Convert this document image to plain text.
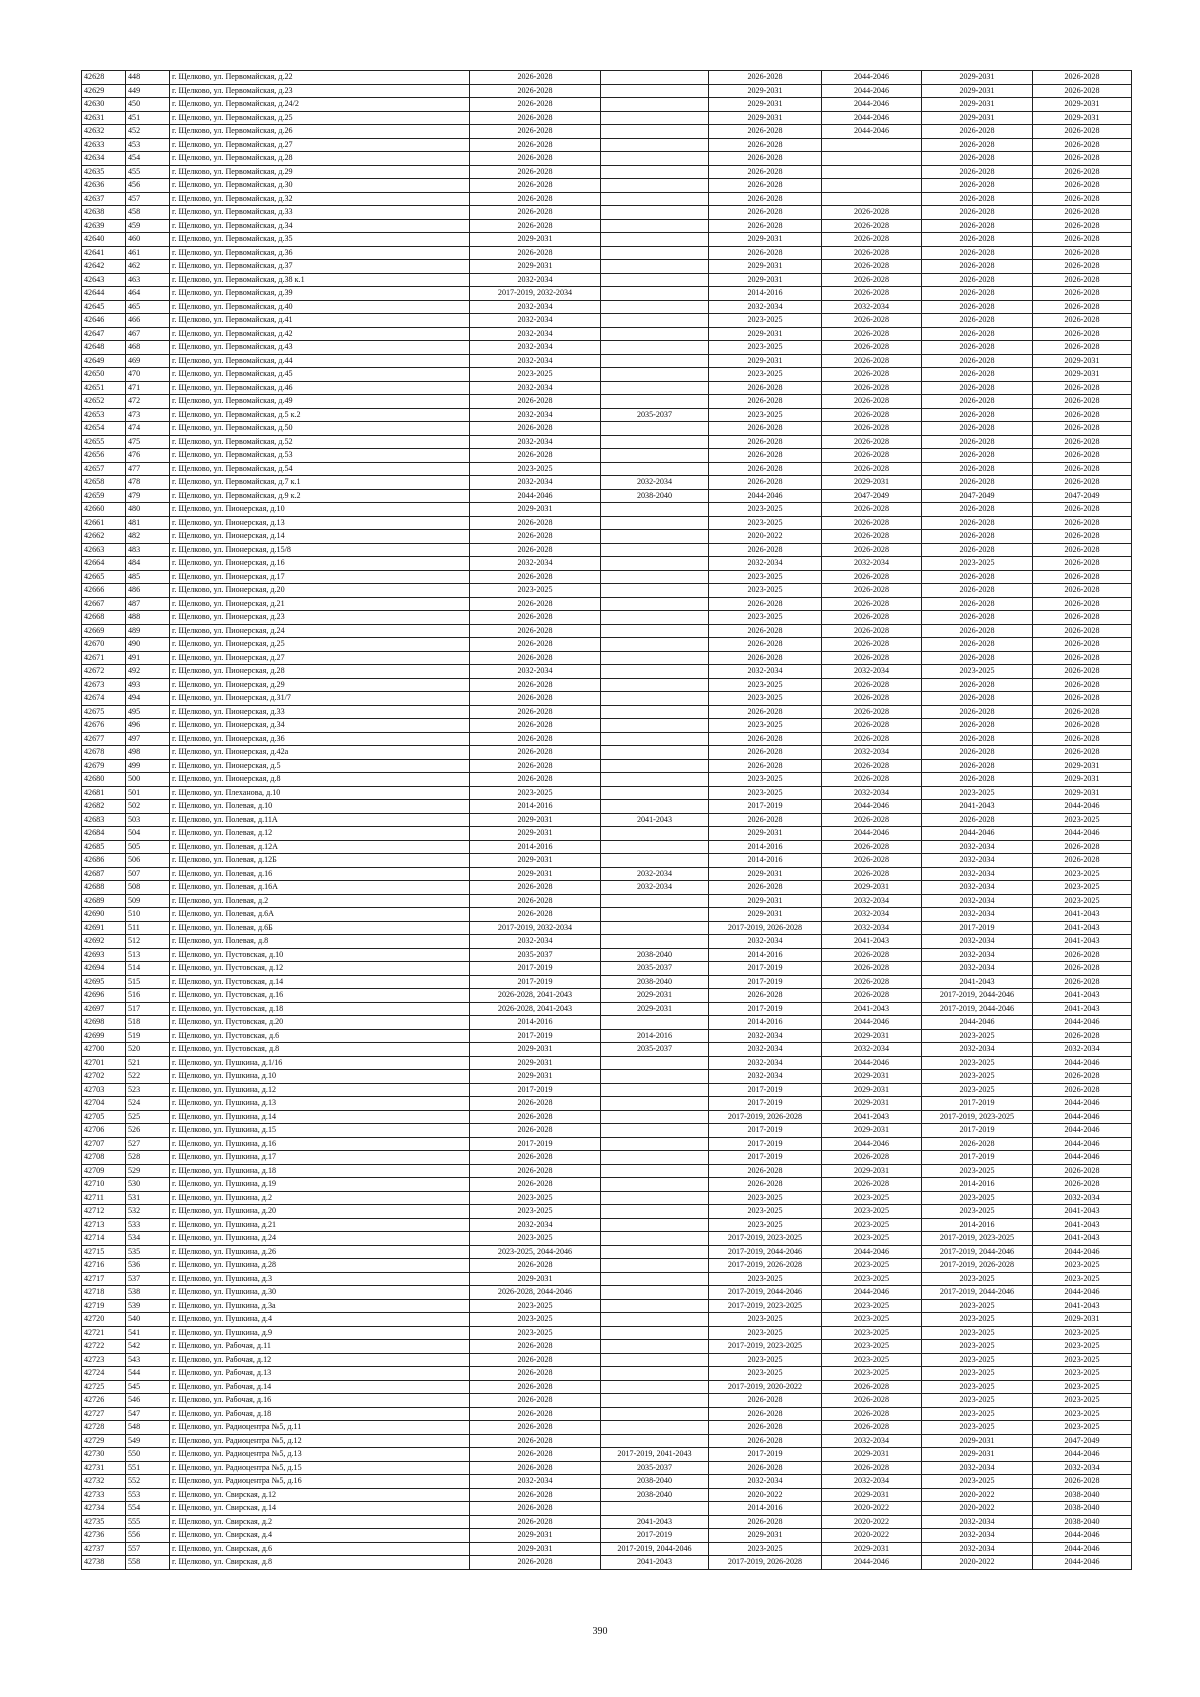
42628	448	г. Щелково, ул. Первомайская, д.22	2026-2028		2026-2028	2044-2046	2029-2031	2026-2028
42629	449	г. Щелково, ул. Первомайская, д.23	2026-2028		2029-2031	2044-2046	2029-2031	2026-2028
42630	450	г. Щелково, ул. Первомайская, д.24/2	2026-2028		2029-2031	2044-2046	2029-2031	2029-2031
42631	451	г. Щелково, ул. Первомайская, д.25	2026-2028		2029-2031	2044-2046	2029-2031	2029-2031
42632	452	г. Щелково, ул. Первомайская, д.26	2026-2028		2026-2028	2044-2046	2026-2028	2026-2028
42633	453	г. Щелково, ул. Первомайская, д.27	2026-2028		2026-2028		2026-2028	2026-2028
42634	454	г. Щелково, ул. Первомайская, д.28	2026-2028		2026-2028		2026-2028	2026-2028
42635	455	г. Щелково, ул. Первомайская, д.29	2026-2028		2026-2028		2026-2028	2026-2028
42636	456	г. Щелково, ул. Первомайская, д.30	2026-2028		2026-2028		2026-2028	2026-2028
42637	457	г. Щелково, ул. Первомайская, д.32	2026-2028		2026-2028		2026-2028	2026-2028
42638	458	г. Щелково, ул. Первомайская, д.33	2026-2028		2026-2028	2026-2028	2026-2028	2026-2028
42639	459	г. Щелково, ул. Первомайская, д.34	2026-2028		2026-2028	2026-2028	2026-2028	2026-2028
42640	460	г. Щелково, ул. Первомайская, д.35	2029-2031		2029-2031	2026-2028	2026-2028	2026-2028
42641	461	г. Щелково, ул. Первомайская, д.36	2026-2028		2026-2028	2026-2028	2026-2028	2026-2028
42642	462	г. Щелково, ул. Первомайская, д.37	2029-2031		2029-2031	2026-2028	2026-2028	2026-2028
42643	463	г. Щелково, ул. Первомайская, д.38 к.1	2032-2034		2029-2031	2026-2028	2026-2028	2026-2028
42644	464	г. Щелково, ул. Первомайская, д.39	2017-2019, 2032-2034		2014-2016	2026-2028	2026-2028	2026-2028
42645	465	г. Щелково, ул. Первомайская, д.40	2032-2034		2032-2034	2032-2034	2026-2028	2026-2028
42646	466	г. Щелково, ул. Первомайская, д.41	2032-2034		2023-2025	2026-2028	2026-2028	2026-2028
42647	467	г. Щелково, ул. Первомайская, д.42	2032-2034		2029-2031	2026-2028	2026-2028	2026-2028
42648	468	г. Щелково, ул. Первомайская, д.43	2032-2034		2023-2025	2026-2028	2026-2028	2026-2028
42649	469	г. Щелково, ул. Первомайская, д.44	2032-2034		2029-2031	2026-2028	2026-2028	2029-2031
42650	470	г. Щелково, ул. Первомайская, д.45	2023-2025		2023-2025	2026-2028	2026-2028	2029-2031
42651	471	г. Щелково, ул. Первомайская, д.46	2032-2034		2026-2028	2026-2028	2026-2028	2026-2028
42652	472	г. Щелково, ул. Первомайская, д.49	2026-2028		2026-2028	2026-2028	2026-2028	2026-2028
42653	473	г. Щелково, ул. Первомайская, д.5 к.2	2032-2034	2035-2037	2023-2025	2026-2028	2026-2028	2026-2028
42654	474	г. Щелково, ул. Первомайская, д.50	2026-2028		2026-2028	2026-2028	2026-2028	2026-2028
42655	475	г. Щелково, ул. Первомайская, д.52	2032-2034		2026-2028	2026-2028	2026-2028	2026-2028
42656	476	г. Щелково, ул. Первомайская, д.53	2026-2028		2026-2028	2026-2028	2026-2028	2026-2028
42657	477	г. Щелково, ул. Первомайская, д.54	2023-2025		2026-2028	2026-2028	2026-2028	2026-2028
42658	478	г. Щелково, ул. Первомайская, д.7 к.1	2032-2034	2032-2034	2026-2028	2029-2031	2026-2028	2026-2028
42659	479	г. Щелково, ул. Первомайская, д.9 к.2	2044-2046	2038-2040	2044-2046	2047-2049	2047-2049	2047-2049
42660	480	г. Щелково, ул. Пионерская, д.10	2029-2031		2023-2025	2026-2028	2026-2028	2026-2028
42661	481	г. Щелково, ул. Пионерская, д.13	2026-2028		2023-2025	2026-2028	2026-2028	2026-2028
42662	482	г. Щелково, ул. Пионерская, д.14	2026-2028		2020-2022	2026-2028	2026-2028	2026-2028
42663	483	г. Щелково, ул. Пионерская, д.15/8	2026-2028		2026-2028	2026-2028	2026-2028	2026-2028
42664	484	г. Щелково, ул. Пионерская, д.16	2032-2034		2032-2034	2032-2034	2023-2025	2026-2028
42665	485	г. Щелково, ул. Пионерская, д.17	2026-2028		2023-2025	2026-2028	2026-2028	2026-2028
42666	486	г. Щелково, ул. Пионерская, д.20	2023-2025		2023-2025	2026-2028	2026-2028	2026-2028
42667	487	г. Щелково, ул. Пионерская, д.21	2026-2028		2026-2028	2026-2028	2026-2028	2026-2028
42668	488	г. Щелково, ул. Пионерская, д.23	2026-2028		2023-2025	2026-2028	2026-2028	2026-2028
42669	489	г. Щелково, ул. Пионерская, д.24	2026-2028		2026-2028	2026-2028	2026-2028	2026-2028
42670	490	г. Щелково, ул. Пионерская, д.25	2026-2028		2026-2028	2026-2028	2026-2028	2026-2028
42671	491	г. Щелково, ул. Пионерская, д.27	2026-2028		2026-2028	2026-2028	2026-2028	2026-2028
42672	492	г. Щелково, ул. Пионерская, д.28	2032-2034		2032-2034	2032-2034	2023-2025	2026-2028
42673	493	г. Щелково, ул. Пионерская, д.29	2026-2028		2023-2025	2026-2028	2026-2028	2026-2028
42674	494	г. Щелково, ул. Пионерская, д.31/7	2026-2028		2023-2025	2026-2028	2026-2028	2026-2028
42675	495	г. Щелково, ул. Пионерская, д.33	2026-2028		2026-2028	2026-2028	2026-2028	2026-2028
42676	496	г. Щелково, ул. Пионерская, д.34	2026-2028		2023-2025	2026-2028	2026-2028	2026-2028
42677	497	г. Щелково, ул. Пионерская, д.36	2026-2028		2026-2028	2026-2028	2026-2028	2026-2028
42678	498	г. Щелково, ул. Пионерская, д.42а	2026-2028		2026-2028	2032-2034	2026-2028	2026-2028
42679	499	г. Щелково, ул. Пионерская, д.5	2026-2028		2026-2028	2026-2028	2026-2028	2029-2031
42680	500	г. Щелково, ул. Пионерская, д.8	2026-2028		2023-2025	2026-2028	2026-2028	2029-2031
42681	501	г. Щелково, ул. Плеханова, д.10	2023-2025		2023-2025	2032-2034	2023-2025	2029-2031
42682	502	г. Щелково, ул. Полевая, д.10	2014-2016		2017-2019	2044-2046	2041-2043	2044-2046
42683	503	г. Щелково, ул. Полевая, д.11А	2029-2031	2041-2043	2026-2028	2026-2028	2026-2028	2023-2025
42684	504	г. Щелково, ул. Полевая, д.12	2029-2031		2029-2031	2044-2046	2044-2046	2044-2046
42685	505	г. Щелково, ул. Полевая, д.12А	2014-2016		2014-2016	2026-2028	2032-2034	2026-2028
42686	506	г. Щелково, ул. Полевая, д.12Б	2029-2031		2014-2016	2026-2028	2032-2034	2026-2028
42687	507	г. Щелково, ул. Полевая, д.16	2029-2031	2032-2034	2029-2031	2026-2028	2032-2034	2023-2025
42688	508	г. Щелково, ул. Полевая, д.16А	2026-2028	2032-2034	2026-2028	2029-2031	2032-2034	2023-2025
42689	509	г. Щелково, ул. Полевая, д.2	2026-2028		2029-2031	2032-2034	2032-2034	2023-2025
42690	510	г. Щелково, ул. Полевая, д.6А	2026-2028		2029-2031	2032-2034	2032-2034	2041-2043
42691	511	г. Щелково, ул. Полевая, д.6Б	2017-2019, 2032-2034		2017-2019, 2026-2028	2032-2034	2017-2019	2041-2043
42692	512	г. Щелково, ул. Полевая, д.8	2032-2034		2032-2034	2041-2043	2032-2034	2041-2043
42693	513	г. Щелково, ул. Пустовская, д.10	2035-2037	2038-2040	2014-2016	2026-2028	2032-2034	2026-2028
42694	514	г. Щелково, ул. Пустовская, д.12	2017-2019	2035-2037	2017-2019	2026-2028	2032-2034	2026-2028
42695	515	г. Щелково, ул. Пустовская, д.14	2017-2019	2038-2040	2017-2019	2026-2028	2041-2043	2026-2028
42696	516	г. Щелково, ул. Пустовская, д.16	2026-2028, 2041-2043	2029-2031	2026-2028	2026-2028	2017-2019, 2044-2046	2041-2043
42697	517	г. Щелково, ул. Пустовская, д.18	2026-2028, 2041-2043	2029-2031	2017-2019	2041-2043	2017-2019, 2044-2046	2041-2043
42698	518	г. Щелково, ул. Пустовская, д.20	2014-2016		2014-2016	2044-2046	2044-2046	2044-2046
42699	519	г. Щелково, ул. Пустовская, д.6	2017-2019	2014-2016	2032-2034	2029-2031	2023-2025	2026-2028
42700	520	г. Щелково, ул. Пустовская, д.8	2029-2031	2035-2037	2032-2034	2032-2034	2032-2034	2032-2034
42701	521	г. Щелково, ул. Пушкина, д.1/16	2029-2031		2032-2034	2044-2046	2023-2025	2044-2046
42702	522	г. Щелково, ул. Пушкина, д.10	2029-2031		2032-2034	2029-2031	2023-2025	2026-2028
42703	523	г. Щелково, ул. Пушкина, д.12	2017-2019		2017-2019	2029-2031	2023-2025	2026-2028
42704	524	г. Щелково, ул. Пушкина, д.13	2026-2028		2017-2019	2029-2031	2017-2019	2044-2046
42705	525	г. Щелково, ул. Пушкина, д.14	2026-2028		2017-2019, 2026-2028	2041-2043	2017-2019, 2023-2025	2044-2046
42706	526	г. Щелково, ул. Пушкина, д.15	2026-2028		2017-2019	2029-2031	2017-2019	2044-2046
42707	527	г. Щелково, ул. Пушкина, д.16	2017-2019		2017-2019	2044-2046	2026-2028	2044-2046
42708	528	г. Щелково, ул. Пушкина, д.17	2026-2028		2017-2019	2026-2028	2017-2019	2044-2046
42709	529	г. Щелково, ул. Пушкина, д.18	2026-2028		2026-2028	2029-2031	2023-2025	2026-2028
42710	530	г. Щелково, ул. Пушкина, д.19	2026-2028		2026-2028	2026-2028	2014-2016	2026-2028
42711	531	г. Щелково, ул. Пушкина, д.2	2023-2025		2023-2025	2023-2025	2023-2025	2032-2034
42712	532	г. Щелково, ул. Пушкина, д.20	2023-2025		2023-2025	2023-2025	2023-2025	2041-2043
42713	533	г. Щелково, ул. Пушкина, д.21	2032-2034		2023-2025	2023-2025	2014-2016	2041-2043
42714	534	г. Щелково, ул. Пушкина, д.24	2023-2025		2017-2019, 2023-2025	2023-2025	2017-2019, 2023-2025	2041-2043
42715	535	г. Щелково, ул. Пушкина, д.26	2023-2025, 2044-2046		2017-2019, 2044-2046	2044-2046	2017-2019, 2044-2046	2044-2046
42716	536	г. Щелково, ул. Пушкина, д.28	2026-2028		2017-2019, 2026-2028	2023-2025	2017-2019, 2026-2028	2023-2025
42717	537	г. Щелково, ул. Пушкина, д.3	2029-2031		2023-2025	2023-2025	2023-2025	2023-2025
42718	538	г. Щелково, ул. Пушкина, д.30	2026-2028, 2044-2046		2017-2019, 2044-2046	2044-2046	2017-2019, 2044-2046	2044-2046
42719	539	г. Щелково, ул. Пушкина, д.3а	2023-2025		2017-2019, 2023-2025	2023-2025	2023-2025	2041-2043
42720	540	г. Щелково, ул. Пушкина, д.4	2023-2025		2023-2025	2023-2025	2023-2025	2029-2031
42721	541	г. Щелково, ул. Пушкина, д.9	2023-2025		2023-2025	2023-2025	2023-2025	2023-2025
42722	542	г. Щелково, ул. Рабочая, д.11	2026-2028		2017-2019, 2023-2025	2023-2025	2023-2025	2023-2025
42723	543	г. Щелково, ул. Рабочая, д.12	2026-2028		2023-2025	2023-2025	2023-2025	2023-2025
42724	544	г. Щелково, ул. Рабочая, д.13	2026-2028		2023-2025	2023-2025	2023-2025	2023-2025
42725	545	г. Щелково, ул. Рабочая, д.14	2026-2028		2017-2019, 2020-2022	2026-2028	2023-2025	2023-2025
42726	546	г. Щелково, ул. Рабочая, д.16	2026-2028		2026-2028	2026-2028	2023-2025	2023-2025
42727	547	г. Щелково, ул. Рабочая, д.18	2026-2028		2026-2028	2026-2028	2023-2025	2023-2025
42728	548	г. Щелково, ул. Радиоцентра №5, д.11	2026-2028		2026-2028	2026-2028	2023-2025	2023-2025
42729	549	г. Щелково, ул. Радиоцентра №5, д.12	2026-2028		2026-2028	2032-2034	2029-2031	2047-2049
42730	550	г. Щелково, ул. Радиоцентра №5, д.13	2026-2028	2017-2019, 2041-2043	2017-2019	2029-2031	2029-2031	2044-2046
42731	551	г. Щелково, ул. Радиоцентра №5, д.15	2026-2028	2035-2037	2026-2028	2026-2028	2032-2034	2032-2034
42732	552	г. Щелково, ул. Радиоцентра №5, д.16	2032-2034	2038-2040	2032-2034	2032-2034	2023-2025	2026-2028
42733	553	г. Щелково, ул. Свирская, д.12	2026-2028	2038-2040	2020-2022	2029-2031	2020-2022	2038-2040
42734	554	г. Щелково, ул. Свирская, д.14	2026-2028		2014-2016	2020-2022	2020-2022	2038-2040
42735	555	г. Щелково, ул. Свирская, д.2	2026-2028	2041-2043	2026-2028	2020-2022	2032-2034	2038-2040
42736	556	г. Щелково, ул. Свирская, д.4	2029-2031	2017-2019	2029-2031	2020-2022	2032-2034	2044-2046
42737	557	г. Щелково, ул. Свирская, д.6	2029-2031	2017-2019, 2044-2046	2023-2025	2029-2031	2032-2034	2044-2046
42738	558	г. Щелково, ул. Свирская, д.8	2026-2028	2041-2043	2017-2019, 2026-2028	2044-2046	2020-2022	2044-2046
390
